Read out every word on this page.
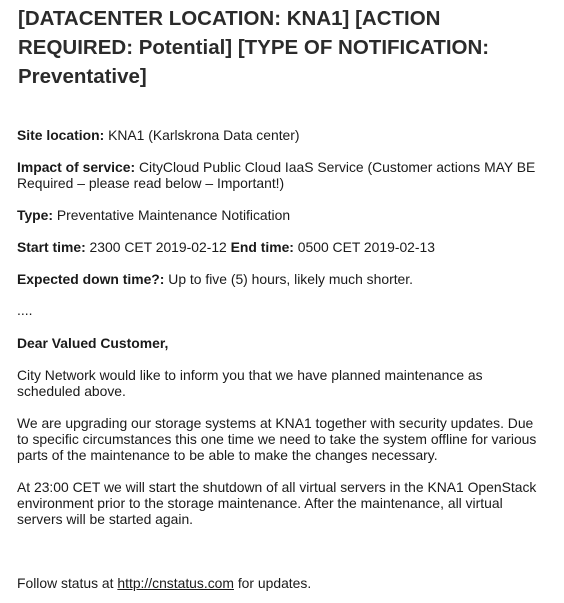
[DATACENTER LOCATION: KNA1] [ACTION REQUIRED: Potential] [TYPE OF NOTIFICATION: Preventative]

Site location: KNA1 (Karlskrona Data center)

Impact of service: CityCloud Public Cloud IaaS Service (Customer actions MAY BE Required – please read below – Important!)

Type: Preventative Maintenance Notification

Start time: 2300 CET 2019-02-12 End time: 0500 CET 2019-02-13

Expected down time?: Up to five (5) hours, likely much shorter.

....

Dear Valued Customer,

City Network would like to inform you that we have planned maintenance as scheduled above.

We are upgrading our storage systems at KNA1 together with security updates. Due to specific circumstances this one time we need to take the system offline for various parts of the maintenance to be able to make the changes necessary.

At 23:00 CET we will start the shutdown of all virtual servers in the KNA1 OpenStack environment prior to the storage maintenance. After the maintenance, all virtual servers will be started again.

Follow status at http://cnstatus.com for updates.
